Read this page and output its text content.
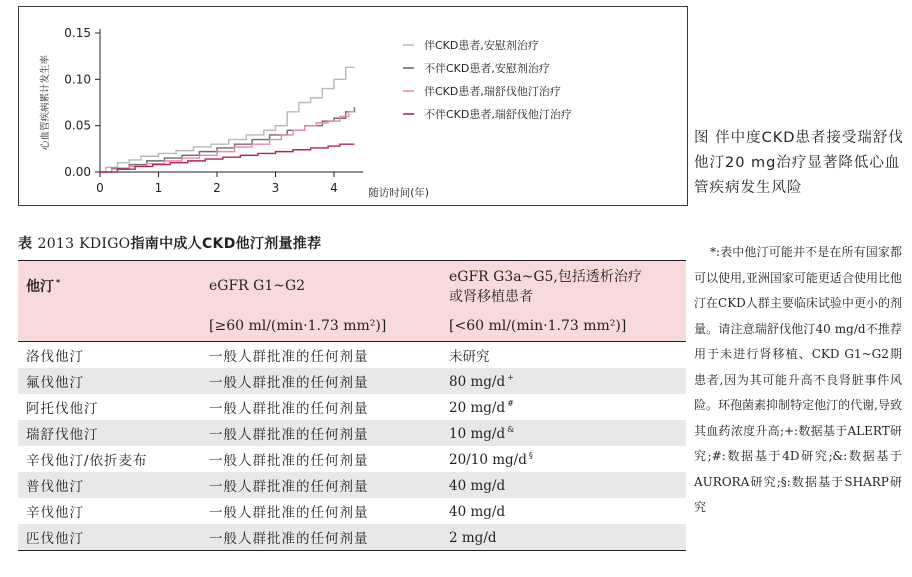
0.00
0.05
0.10
0.15
0	1	2	3	4
心血管疾病累计发生率
随访时间(年)
伴CKD患者,安慰剂治疗
不伴CKD患者,安慰剂治疗
伴CKD患者,瑞舒伐他汀治疗
不伴CKD患者,瑞舒伐他汀治疗
图 伴中度CKD患者接受瑞舒伐他汀20 mg治疗显著降低心血管疾病发生风险
表 2013 KDIGO指南中成人CKD他汀剂量推荐
他汀 *	eGFR G1~G2	eGFR G3a~G5,包括透析治疗
或肾移植患者
	[≥60 ml/(min·1.73 mm²)]	[<60 ml/(min·1.73 mm²)]
洛伐他汀	一般人群批准的任何剂量	未研究
氟伐他汀	一般人群批准的任何剂量	80 mg/d +
阿托伐他汀	一般人群批准的任何剂量	20 mg/d #
瑞舒伐他汀	一般人群批准的任何剂量	10 mg/d &
辛伐他汀/依折麦布	一般人群批准的任何剂量	20/10 mg/d §
普伐他汀	一般人群批准的任何剂量	40 mg/d
辛伐他汀	一般人群批准的任何剂量	40 mg/d
匹伐他汀	一般人群批准的任何剂量	2 mg/d
*:表中他汀可能并不是在所有国家都可以使用,亚洲国家可能更适合使用比他汀在CKD人群主要临床试验中更小的剂量。请注意瑞舒伐他汀40 mg/d不推荐用于未进行肾移植、CKD G1~G2期患者,因为其可能升高不良肾脏事件风险。环孢菌素抑制特定他汀的代谢,导致其血药浓度升高;+:数据基于ALERT研究;#:数据基于4D研究;&:数据基于AURORA研究;§:数据基于SHARP研究
